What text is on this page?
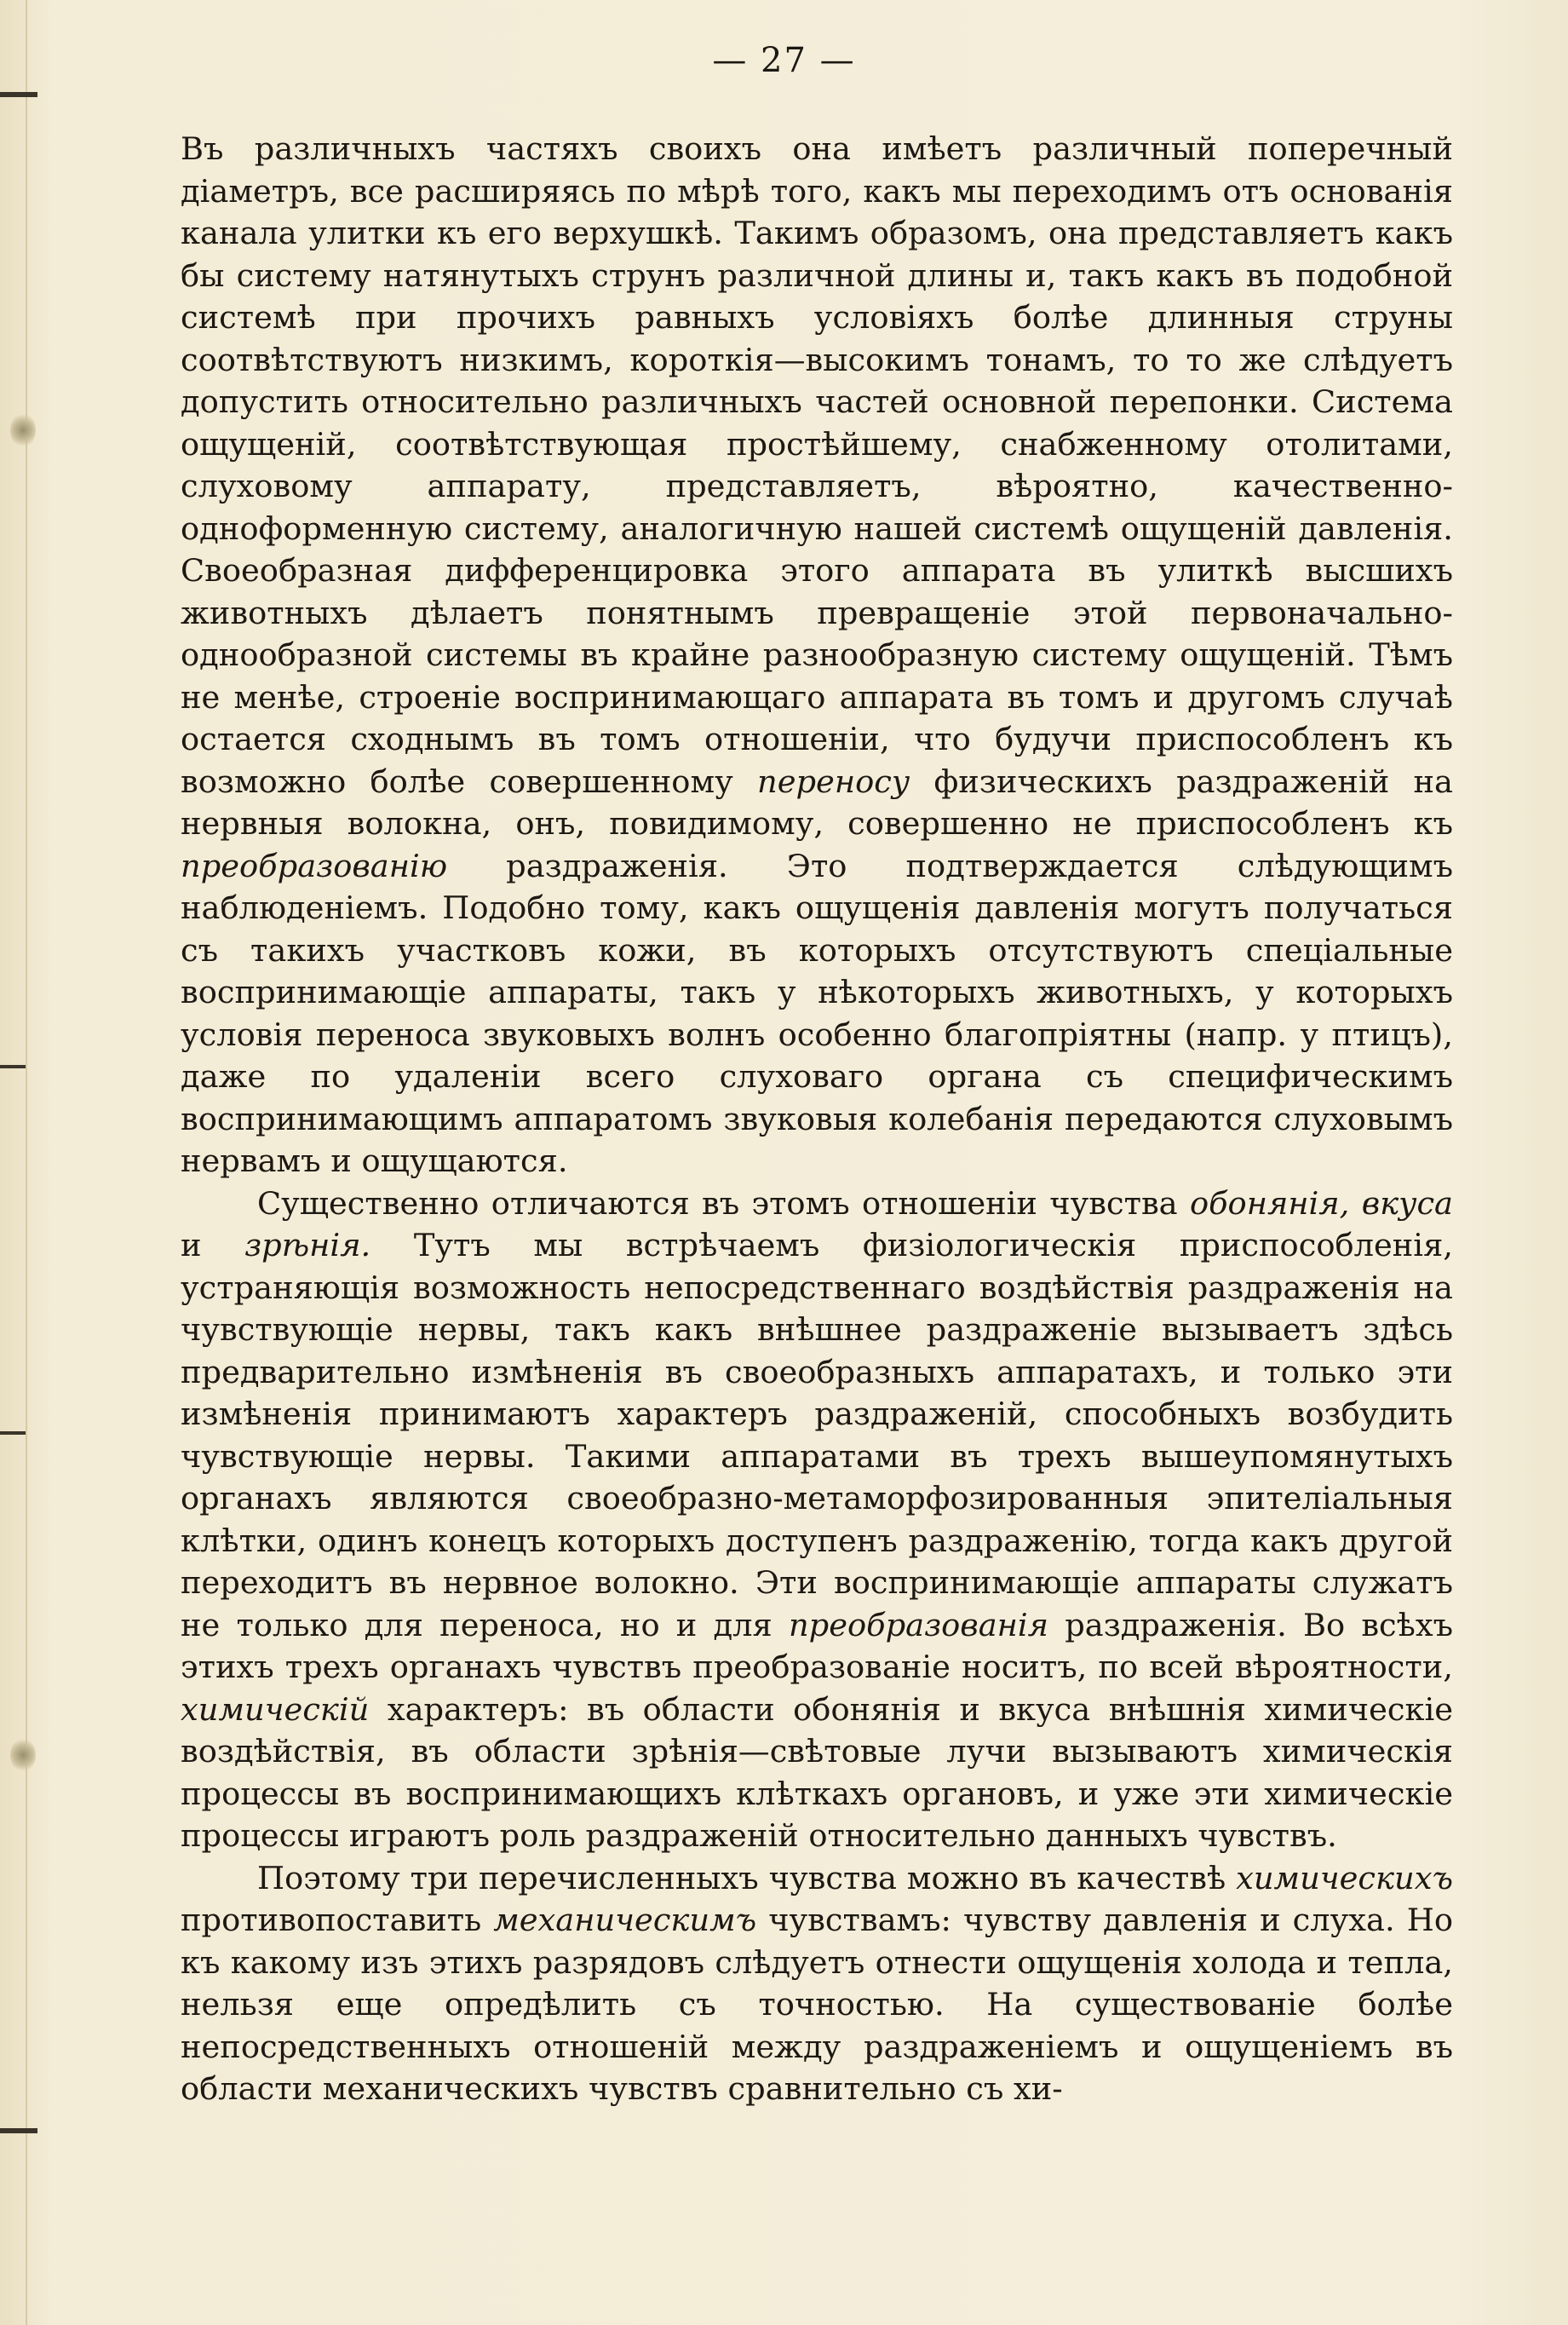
— 27 —

Въ различныхъ частяхъ своихъ она имѣетъ различный поперечный діаметръ, все расширяясь по мѣрѣ того, какъ мы переходимъ отъ основанія канала улитки къ его верхушкѣ. Такимъ образомъ, она представляетъ какъ бы систему натянутыхъ струнъ различной длины и, такъ какъ въ подобной системѣ при прочихъ равныхъ условіяхъ болѣе длинныя струны соотвѣтствуютъ низкимъ, короткія—высокимъ тонамъ, то то же слѣдуетъ допустить относительно различныхъ частей основной перепонки. Система ощущеній, соотвѣтствующая простѣйшему, снабженному отолитами, слуховому аппарату, представляетъ, вѣроятно, качественно-одноформенную систему, аналогичную нашей системѣ ощущеній давленія. Своеобразная дифференцировка этого аппарата въ улиткѣ высшихъ животныхъ дѣлаетъ понятнымъ превращеніе этой первоначально-однообразной системы въ крайне разнообразную систему ощущеній. Тѣмъ не менѣе, строеніе воспринимающаго аппарата въ томъ и другомъ случаѣ остается сходнымъ въ томъ отношеніи, что будучи приспособленъ къ возможно болѣе совершенному переносу физическихъ раздраженій на нервныя волокна, онъ, повидимому, совершенно не приспособленъ къ преобразованію раздраженія. Это подтверждается слѣдующимъ наблюденіемъ. Подобно тому, какъ ощущенія давленія могутъ получаться съ такихъ участковъ кожи, въ которыхъ отсутствуютъ спеціальные воспринимающіе аппараты, такъ у нѣкоторыхъ животныхъ, у которыхъ условія переноса звуковыхъ волнъ особенно благопріятны (напр. у птицъ), даже по удаленіи всего слуховаго органа съ специфическимъ воспринимающимъ аппаратомъ звуковыя колебанія передаются слуховымъ нервамъ и ощущаются.

Существенно отличаются въ этомъ отношеніи чувства обонянія, вкуса и зрѣнія. Тутъ мы встрѣчаемъ физіологическія приспособленія, устраняющія возможность непосредственнаго воздѣйствія раздраженія на чувствующіе нервы, такъ какъ внѣшнее раздраженіе вызываетъ здѣсь предварительно измѣненія въ своеобразныхъ аппаратахъ, и только эти измѣненія принимаютъ характеръ раздраженій, способныхъ возбудить чувствующіе нервы. Такими аппаратами въ трехъ вышеупомянутыхъ органахъ являются своеобразно-метаморфозированныя эпителіальныя клѣтки, одинъ конецъ которыхъ доступенъ раздраженію, тогда какъ другой переходитъ въ нервное волокно. Эти воспринимающіе аппараты служатъ не только для переноса, но и для преобразованія раздраженія. Во всѣхъ этихъ трехъ органахъ чувствъ преобразованіе носитъ, по всей вѣроятности, химическій характеръ: въ области обонянія и вкуса внѣшнія химическіе воздѣйствія, въ области зрѣнія—свѣтовые лучи вызываютъ химическія процессы въ воспринимающихъ клѣткахъ органовъ, и уже эти химическіе процессы играютъ роль раздраженій относительно данныхъ чувствъ.

Поэтому три перечисленныхъ чувства можно въ качествѣ химическихъ противопоставить механическимъ чувствамъ: чувству давленія и слуха. Но къ какому изъ этихъ разрядовъ слѣдуетъ отнести ощущенія холода и тепла, нельзя еще опредѣлить съ точностью. На существованіе болѣе непосредственныхъ отношеній между раздраженіемъ и ощущеніемъ въ области механическихъ чувствъ сравнительно съ хи-
